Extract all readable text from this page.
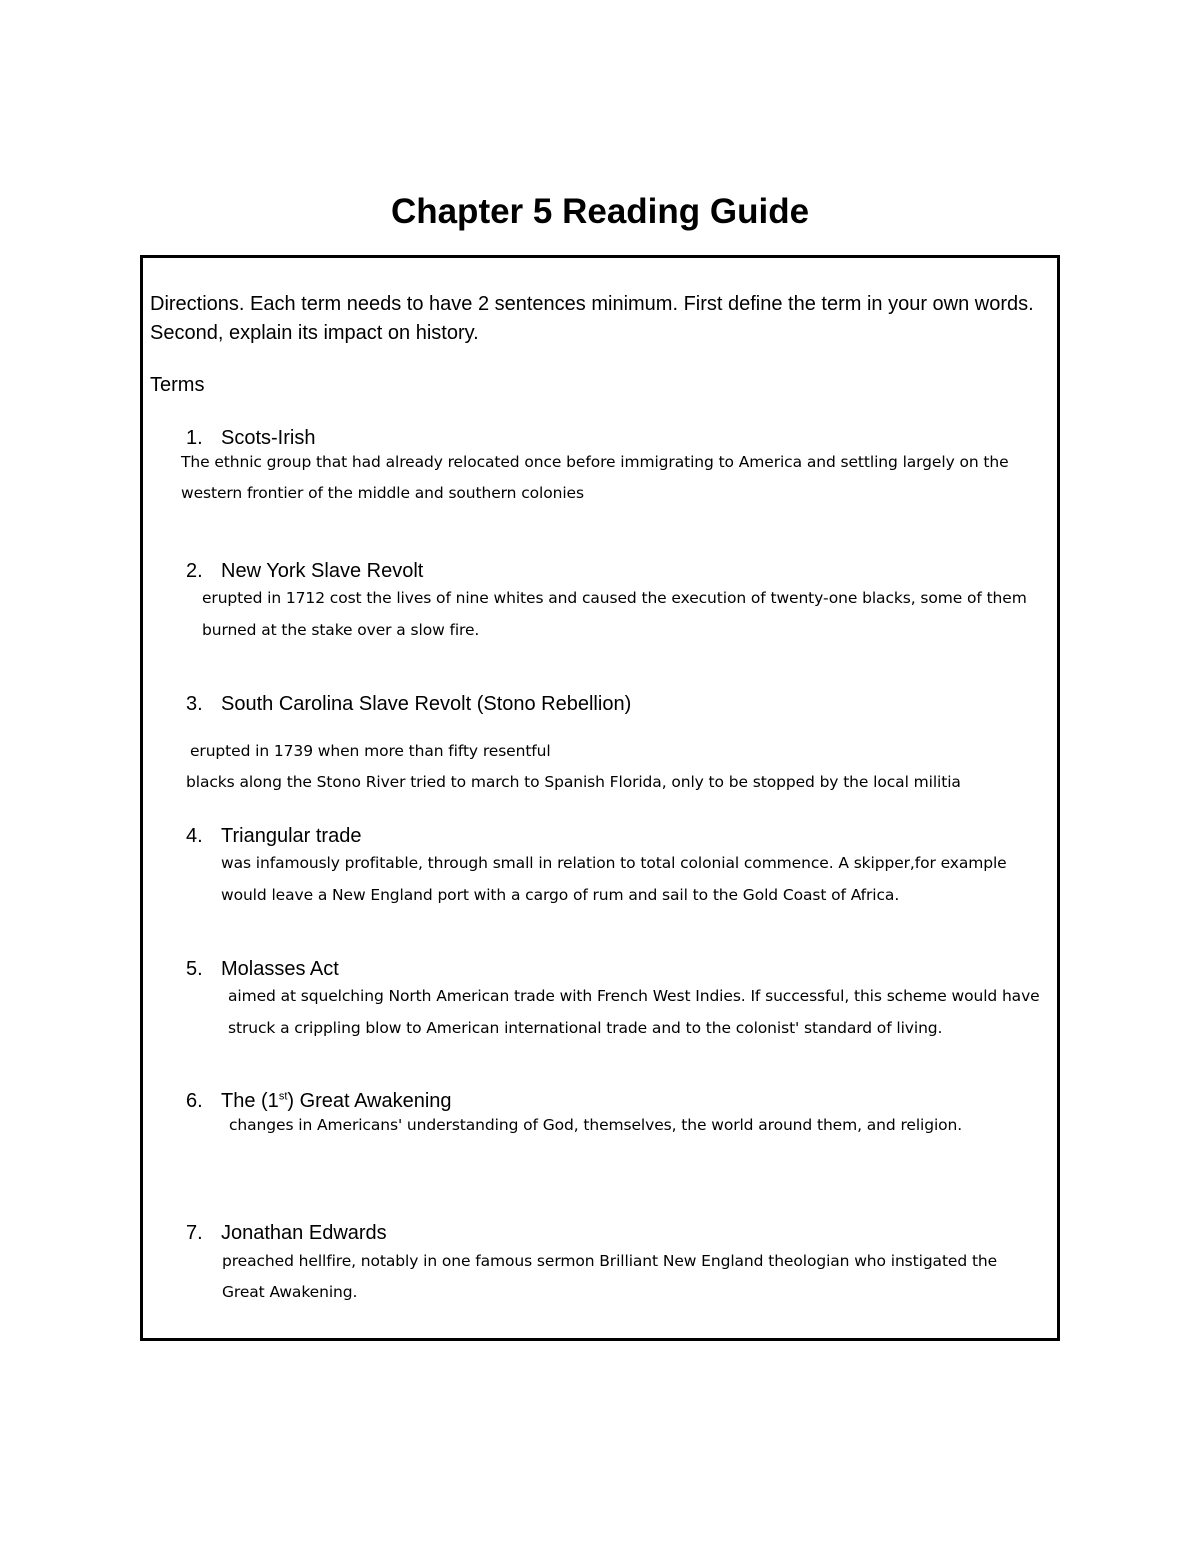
Chapter 5 Reading Guide

Directions. Each term needs to have 2 sentences minimum. First define the term in your own words. Second, explain its impact on history.

Terms

1. Scots-Irish

The ethnic group that had already relocated once before immigrating to America and settling largely on the

western frontier of the middle and southern colonies

2. New York Slave Revolt

erupted in 1712 cost the lives of nine whites and caused the execution of twenty-one blacks, some of them

burned at the stake over a slow fire.

3. South Carolina Slave Revolt (Stono Rebellion)

erupted in 1739 when more than fifty resentful

blacks along the Stono River tried to march to Spanish Florida, only to be stopped by the local militia

4. Triangular trade

was infamously profitable, through small in relation to total colonial commence. A skipper,for example

would leave a New England port with a cargo of rum and sail to the Gold Coast of Africa.

5. Molasses Act

aimed at squelching North American trade with French West Indies. If successful, this scheme would have

struck a crippling blow to American international trade and to the colonist' standard of living.

6. The (1st) Great Awakening

changes in Americans' understanding of God, themselves, the world around them, and religion.

7. Jonathan Edwards

preached hellfire, notably in one famous sermon Brilliant New England theologian who instigated the

Great Awakening.
